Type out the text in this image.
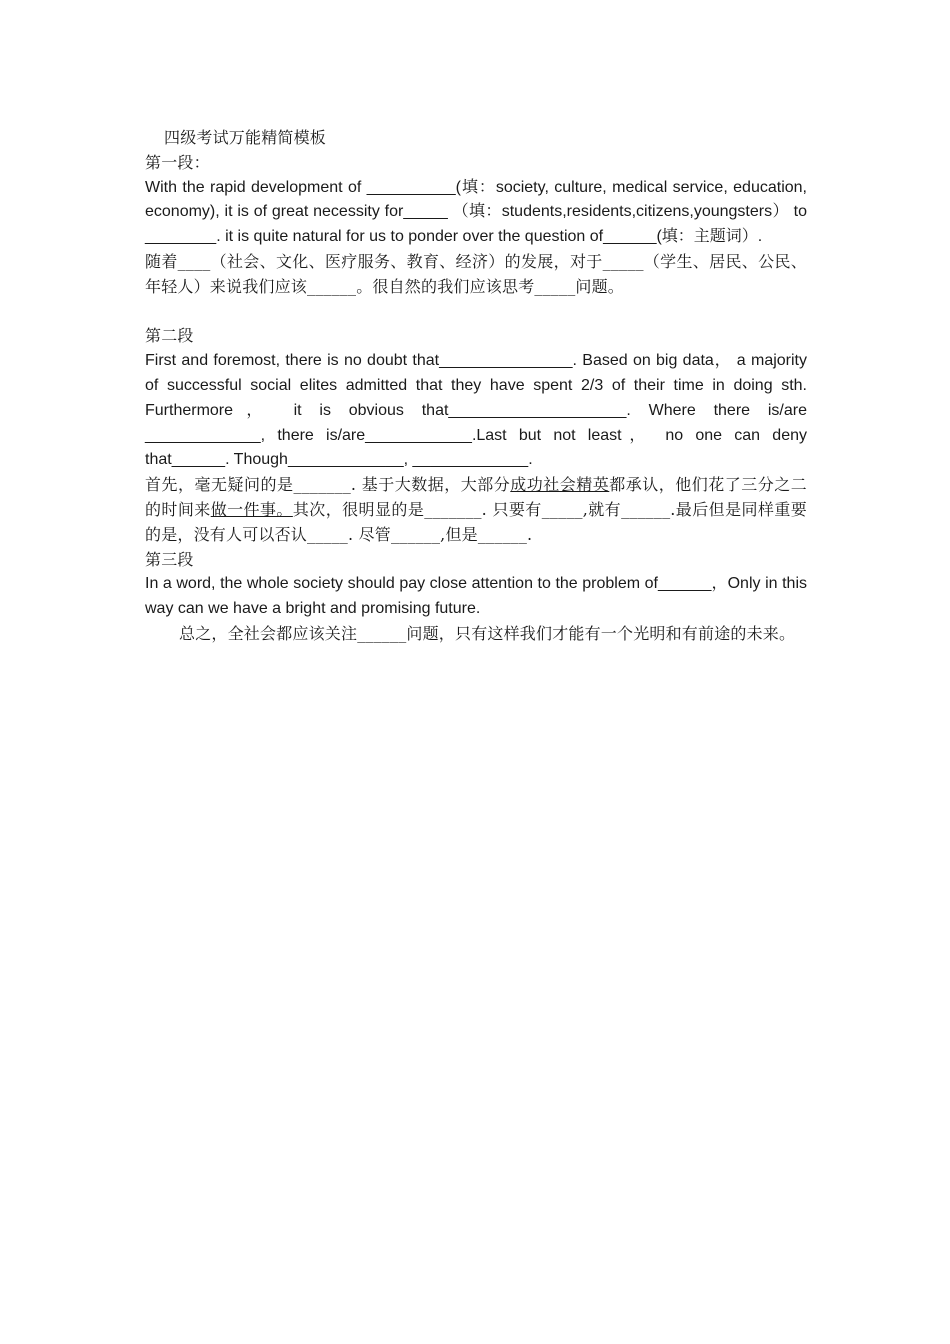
四级考试万能精简模板

第一段：

With the rapid development of __________(填：society, culture, medical service, education, economy), it is of great necessity for_____ （填：students,residents,citizens,youngsters） to ________. it is quite natural for us to ponder over the question of______(填：主题词）.

随着____（社会、文化、医疗服务、教育、经济）的发展，对于_____（学生、居民、公民、年轻人）来说我们应该______。很自然的我们应该思考_____问题。

第二段

First and foremost, there is no doubt that_______________. Based on big data， a majority of successful social elites admitted that they have spent 2/3 of their time in doing sth. Furthermore， it is obvious that____________________. Where there is/are _____________, there is/are____________.Last but not least， no one can deny that______. Though_____________, _____________.

首先，毫无疑问的是_______. 基于大数据，大部分成功社会精英都承认，他们花了三分之二的时间来做一件事。其次，很明显的是_______. 只要有_____,就有______.最后但是同样重要的是，没有人可以否认_____. 尽管______,但是______.

第三段

In a word, the whole society should pay close attention to the problem of______，Only in this way can we have a bright and promising future.

总之，全社会都应该关注______问题，只有这样我们才能有一个光明和有前途的未来。
